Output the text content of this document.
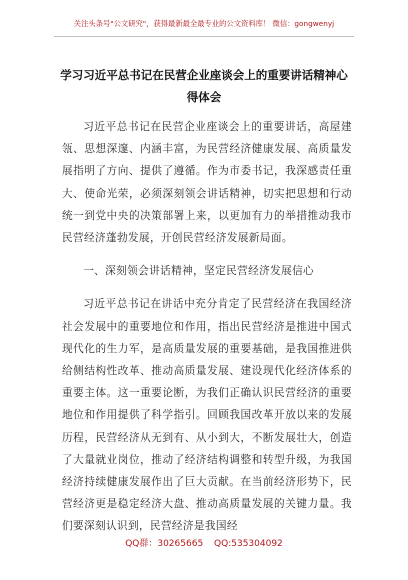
关注头条号"公文研究"，获得最新最全最专业的公文资料库！ 微信：gongwenyj
学习习近平总书记在民营企业座谈会上的重要讲话精神心
得体会

习近平总书记在民营企业座谈会上的重要讲话，高屋建瓴、思想深邃、内涵丰富，为民营经济健康发展、高质量发展指明了方向、提供了遵循。作为市委书记，我深感责任重大、使命光荣，必须深刻领会讲话精神，切实把思想和行动统一到党中央的决策部署上来，以更加有力的举措推动我市民营经济蓬勃发展，开创民营经济发展新局面。

一、深刻领会讲话精神，坚定民营经济发展信心

习近平总书记在讲话中充分肯定了民营经济在我国经济社会发展中的重要地位和作用，指出民营经济是推进中国式现代化的生力军，是高质量发展的重要基础，是我国推进供给侧结构性改革、推动高质量发展、建设现代化经济体系的重要主体。这一重要论断，为我们正确认识民营经济的重要地位和作用提供了科学指引。回顾我国改革开放以来的发展历程，民营经济从无到有、从小到大，不断发展壮大，创造了大量就业岗位，推动了经济结构调整和转型升级，为我国经济持续健康发展作出了巨大贡献。在当前经济形势下，民营经济更是稳定经济大盘、推动高质量发展的关键力量。我们要深刻认识到，民营经济是我国经

QQ群：30265665 QQ:535304092
